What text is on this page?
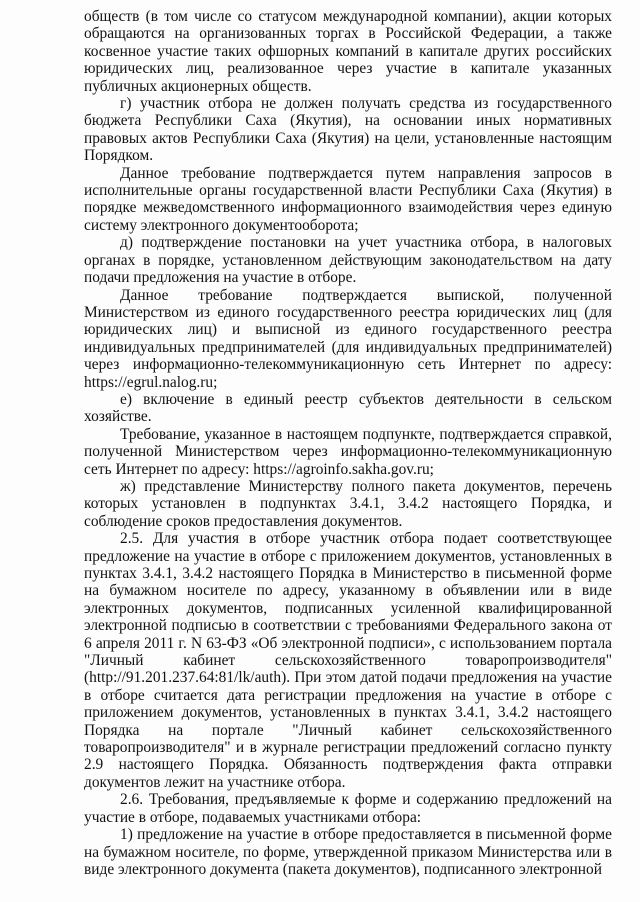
обществ (в том числе со статусом международной компании), акции которых обращаются на организованных торгах в Российской Федерации, а также косвенное участие таких офшорных компаний в капитале других российских юридических лиц, реализованное через участие в капитале указанных публичных акционерных обществ.

г) участник отбора не должен получать средства из государственного бюджета Республики Саха (Якутия), на основании иных нормативных правовых актов Республики Саха (Якутия) на цели, установленные настоящим Порядком.

Данное требование подтверждается путем направления запросов в исполнительные органы государственной власти Республики Саха (Якутия) в порядке межведомственного информационного взаимодействия через единую систему электронного документооборота;

д) подтверждение постановки на учет участника отбора, в налоговых органах в порядке, установленном действующим законодательством на дату подачи предложения на участие в отборе.

Данное требование подтверждается выпиской, полученной Министерством из единого государственного реестра юридических лиц (для юридических лиц) и выписной из единого государственного реестра индивидуальных предпринимателей (для индивидуальных предпринимателей) через информационно-телекоммуникационную сеть Интернет по адресу: https://egrul.nalog.ru;

е) включение в единый реестр субъектов деятельности в сельском хозяйстве.

Требование, указанное в настоящем подпункте, подтверждается справкой, полученной Министерством через информационно-телекоммуникационную сеть Интернет по адресу: https://agroinfo.sakha.gov.ru;

ж) представление Министерству полного пакета документов, перечень которых установлен в подпунктах 3.4.1, 3.4.2 настоящего Порядка, и соблюдение сроков предоставления документов.

2.5. Для участия в отборе участник отбора подает соответствующее предложение на участие в отборе с приложением документов, установленных в пунктах 3.4.1, 3.4.2 настоящего Порядка в Министерство в письменной форме на бумажном носителе по адресу, указанному в объявлении или в виде электронных документов, подписанных усиленной квалифицированной электронной подписью в соответствии с требованиями Федерального закона от 6 апреля 2011 г. N 63-ФЗ «Об электронной подписи», с использованием портала "Личный кабинет сельскохозяйственного товаропроизводителя" (http://91.201.237.64:81/lk/auth). При этом датой подачи предложения на участие в отборе считается дата регистрации предложения на участие в отборе с приложением документов, установленных в пунктах 3.4.1, 3.4.2 настоящего Порядка на портале "Личный кабинет сельскохозяйственного товаропроизводителя" и в журнале регистрации предложений согласно пункту 2.9 настоящего Порядка. Обязанность подтверждения факта отправки документов лежит на участнике отбора.

2.6. Требования, предъявляемые к форме и содержанию предложений на участие в отборе, подаваемых участниками отбора:

1) предложение на участие в отборе предоставляется в письменной форме на бумажном носителе, по форме, утвержденной приказом Министерства или в виде электронного документа (пакета документов), подписанного электронной
